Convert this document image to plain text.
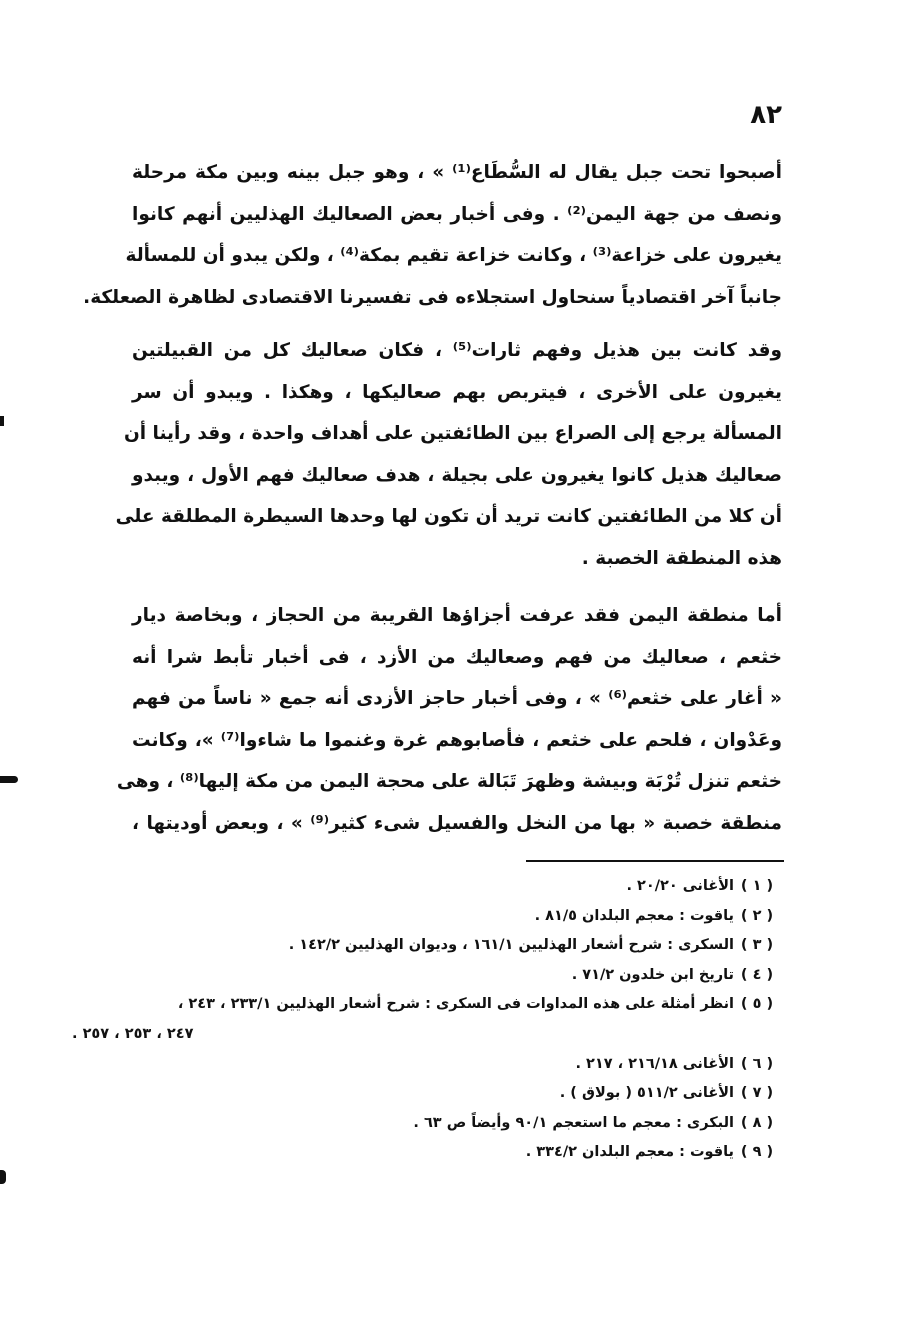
٨٢
أصبحوا تحت جبل يقال له السُّطَاع⁽¹⁾ » ، وهو جبل بينه وبين مكة مرحلة
ونصف من جهة اليمن⁽²⁾ . وفى أخبار بعض الصعاليك الهذليين أنهم كانوا
يغيرون على خزاعة⁽³⁾ ، وكانت خزاعة تقيم بمكة⁽⁴⁾ ، ولكن يبدو أن للمسألة
جانباً آخر اقتصادياً سنحاول استجلاءه فى تفسيرنا الاقتصادى لظاهرة الصعلكة.
وقد كانت بين هذيل وفهم ثارات⁽⁵⁾ ، فكان صعاليك كل من القبيلتين
يغيرون على الأخرى ، فيتربص بهم صعاليكها ، وهكذا . ويبدو أن سر
المسألة يرجع إلى الصراع بين الطائفتين على أهداف واحدة ، وقد رأينا أن
صعاليك هذيل كانوا يغيرون على بجيلة ، هدف صعاليك فهم الأول ، ويبدو
أن كلا من الطائفتين كانت تريد أن تكون لها وحدها السيطرة المطلقة على
هذه المنطقة الخصبة .
أما منطقة اليمن فقد عرفت أجزاؤها القريبة من الحجاز ، وبخاصة ديار
خثعم ، صعاليك من فهم وصعاليك من الأزد ، فى أخبار تأبط شرا أنه
« أغار على خثعم⁽⁶⁾ » ، وفى أخبار حاجز الأزدى أنه جمع « ناساً من فهم
وعَدْوان ، فلحم على خثعم ، فأصابوهم غرة وغنموا ما شاءوا⁽⁷⁾ »، وكانت
خثعم تنزل تُرْبَة وبيشة وظهرَ تَبَالة على محجة اليمن من مكة إليها⁽⁸⁾ ، وهى
منطقة خصبة « بها من النخل والفسيل شىء كثير⁽⁹⁾ » ، وبعض أوديتها ،
( ١ )الأغانى ٢٠/٢٠ .
( ٢ )ياقوت : معجم البلدان ٨١/٥ .
( ٣ )السكرى : شرح أشعار الهذليين ١٦١/١ ، وديوان الهذليين ١٤٢/٢ .
( ٤ )تاريخ ابن خلدون ٧١/٢ .
( ٥ )انظر أمثلة على هذه المداوات فى السكرى : شرح أشعار الهذليين ٢٣٣/١ ، ٢٤٣ ،
٢٤٧ ، ٢٥٣ ، ٢٥٧ .
( ٦ )الأغانى ٢١٦/١٨ ، ٢١٧ .
( ٧ )الأغانى ٥١١/٢ ( بولاق ) .
( ٨ )البكرى : معجم ما استعجم ٩٠/١ وأيضاً ص ٦٣ .
( ٩ )ياقوت : معجم البلدان ٣٣٤/٢ .
